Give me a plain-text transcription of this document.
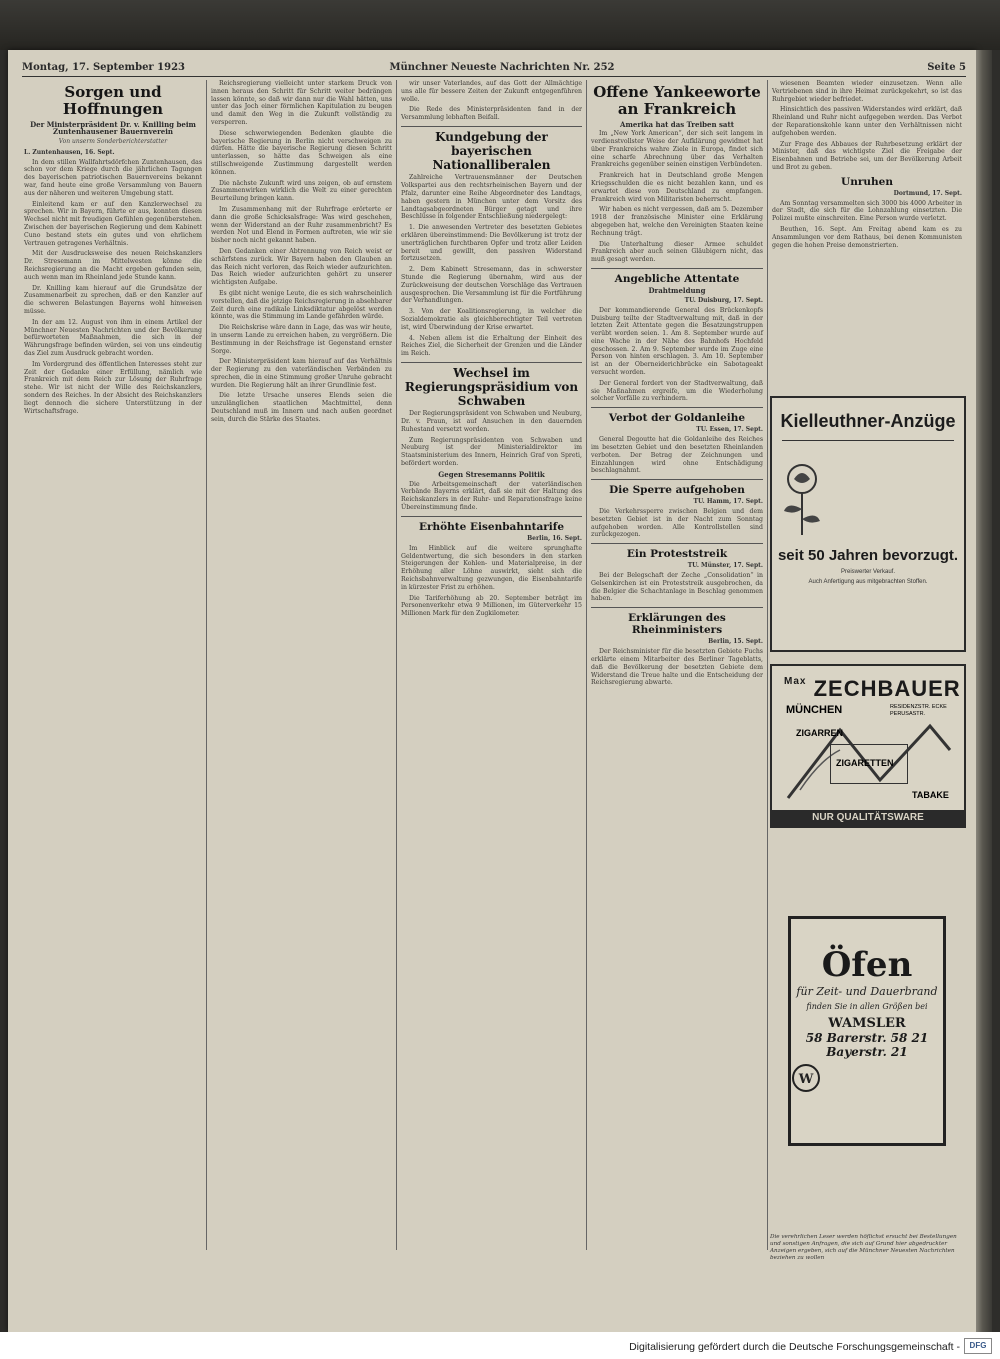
Montag, 17. September 1923	Münchner Neueste Nachrichten Nr. 252	Seite 5
Sorgen und Hoffnungen
Der Ministerpräsident Dr. v. Knilling beim Zuntenhausener Bauernverein
Von unserm Sonderberichterstatter
L. Zuntenhausen, 16. Sept.

In dem stillen Wallfahrtsdörfchen Zuntenhausen, das schon vor dem Kriege durch die jährlichen Tagungen des bayerischen patriotischen Bauernvereins bekannt war, fand heute eine große Versammlung von Bauern aus der näheren und weiteren Umgebung statt.

Einleitend kam er auf den Kanzlerwechsel zu sprechen. Wir in Bayern, führte er aus, konnten diesen Wechsel nicht mit freudigen Gefühlen gegenüberstehen. Zwischen der bayerischen Regierung und dem Kabinett Cuno bestand stets ein gutes und von ehrlichem Vertrauen getragenes Verhältnis.

Mit der Ausdrucksweise des neuen Reichskanzlers Dr. Stresemann im Mittelwesten könne die Reichsregierung an die Macht ergeben gefunden sein, auch wenn man im Rheinland jede Stunde kann.

Dr. Knilling kam hierauf auf die Grundsätze der Zusammenarbeit zu sprechen, daß er den Kanzler auf die schweren Belastungen Bayerns wohl hinweisen müsse.

In der am 12. August von ihm in einem Artikel der Münchner Neuesten Nachrichten und der Bevölkerung befürworteten Maßnahmen, die sich in der Währungsfrage befinden würden, sei von uns eindeutig das Ziel zum Ausdruck gebracht worden.

Im Vordergrund des öffentlichen Interesses steht zur Zeit der Gedanke einer Erfüllung, nämlich wie Frankreich mit dem Reich zur Lösung der Ruhrfrage stehe. Wir ist nicht der Wille des Reichskanzlers, sondern des Reiches. In der Absicht des Reichskanzlers liegt dennoch die sichere Unterstützung in der Wirtschaftsfrage.

Reichsregierung vielleicht unter starkem Druck von innen heraus den Schritt für Schritt weiter bedrängen lassen könnte, so daß wir dann nur die Wahl hätten, uns unter das Joch einer förmlichen Kapitulation zu beugen und damit den Weg in die Zukunft vollständig zu versperren.

Diese schwerwiegenden Bedenken glaubte die bayerische Regierung in Berlin nicht verschweigen zu dürfen. Hätte die bayerische Regierung diesen Schritt unterlassen, so hätte das Schweigen als eine stillschweigende Zustimmung dargestellt werden können.

Die nächste Zukunft wird uns zeigen, ob auf ernstem Zusammenwirken wirklich die Welt zu einer gerechten Beurteilung bringen kann.

Im Zusammenhang mit der Ruhrfrage erörterte er dann die große Schicksalsfrage: Was wird geschehen, wenn der Widerstand an der Ruhr zusammenbricht? Es werden Not und Elend in Formen auftreten, wie wir sie bisher noch nicht gekannt haben.

Den Gedanken einer Abtrennung von Reich weist er schärfstens zurück. Wir Bayern haben den Glauben an das Reich nicht verloren, das Reich wieder aufzurichten. Das Reich wieder aufzurichten gehört zu unserer wichtigsten Aufgabe.

Es gibt nicht wenige Leute, die es sich wahrscheinlich vorstellen, daß die jetzige Reichsregierung in absehbarer Zeit durch eine radikale Linksdiktatur abgelöst werden könnte, was die Stimmung im Lande gefährden würde.

Die Reichskrise wäre dann in Lage, das was wir heute, in unserm Lande zu erreichen haben, zu vergrößern. Die Bestimmung in der Reichsfrage ist Gegenstand ernster Sorge.

Der Ministerpräsident kam hierauf auf das Verhältnis der Regierung zu den vaterländischen Verbänden zu sprechen, die in eine Stimmung großer Unruhe gebracht wurden. Die Regierung hält an ihrer Grundlinie fest.

Die letzte Ursache unseres Elends seien die unzulänglichen staatlichen Machtmittel, denn Deutschland muß im Innern und nach außen geordnet sein, durch die Stärke des Staates.

wir unser Vaterlandes, auf das Gott der Allmächtige uns alle für bessere Zeiten der Zukunft entgegenführen wolle.

Die Rede des Ministerpräsidenten fand in der Versammlung lebhaften Beifall.

Kundgebung der bayerischen Nationalliberalen

Zahlreiche Vertrauensmänner der Deutschen Volkspartei aus den rechtsrheinischen Bayern und der Pfalz, darunter eine Reihe Abgeordneter des Landtags, haben gestern in München unter dem Vorsitz des Landtagsabgeordneten Bürger getagt und ihre Beschlüsse in folgender Entschließung niedergelegt:

1. Die anwesenden Vertreter des besetzten Gebietes erklären übereinstimmend: Die Bevölkerung ist trotz der unerträglichen furchtbaren Opfer und trotz aller Leiden bereit und gewillt, den passiven Widerstand fortzusetzen.

2. Dem Kabinett Stresemann, das in schwerster Stunde die Regierung übernahm, wird aus der Zurückweisung der deutschen Vorschläge das Vertrauen ausgesprochen. Die Versammlung ist für die Fortführung der Verhandlungen.

3. Von der Koalitionsregierung, in welcher die Sozialdemokratie als gleichberechtigter Teil vertreten ist, wird Überwindung der Krise erwartet.

4. Neben allem ist die Erhaltung der Einheit des Reiches Ziel, die Sicherheit der Grenzen und die Länder im Reich.

Wechsel im Regierungspräsidium von Schwaben

Der Regierungspräsident von Schwaben und Neuburg, Dr. v. Praun, ist auf Ansuchen in den dauernden Ruhestand versetzt worden.

Zum Regierungspräsidenten von Schwaben und Neuburg ist der Ministerialdirektor im Staatsministerium des Innern, Heinrich Graf von Spreti, befördert worden.

Gegen Stresemanns Politik

Die Arbeitsgemeinschaft der vaterländischen Verbände Bayerns erklärt, daß sie mit der Haltung des Reichskanzlers in der Ruhr- und Reparationsfrage keine Übereinstimmung finde.

Erhöhte Eisenbahntarife
Berlin, 16. Sept.

Im Hinblick auf die weitere sprunghafte Geldentwertung, die sich besonders in den starken Steigerungen der Kohlen- und Materialpreise, in der Erhöhung aller Löhne auswirkt, sieht sich die Reichsbahnverwaltung gezwungen, die Eisenbahntarife in kürzester Frist zu erhöhen.

Die Tariferhöhung ab 20. September beträgt im Personenverkehr etwa 9 Millionen, im Güterverkehr 15 Millionen Mark für den Zugkilometer.

Offene Yankeeworte an Frankreich
Amerika hat das Treiben satt

Im „New York American“, der sich seit langem in verdienstvollster Weise der Aufklärung gewidmet hat über Frankreichs wahre Ziele in Europa, findet sich eine scharfe Abrechnung über das Verhalten Frankreichs gegenüber seinen einstigen Verbündeten.

Frankreich hat in Deutschland große Mengen Kriegsschulden die es nicht bezahlen kann, und es erwartet diese von Deutschland zu empfangen. Frankreich wird von Militaristen beherrscht.

Wir haben es nicht vergessen, daß am 5. Dezember 1918 der französische Minister eine Erklärung abgegeben hat, welche den Vereinigten Staaten keine Rechnung trägt.

Die Unterhaltung dieser Armee schuldet Frankreich aber auch seinen Gläubigern nicht, das muß gesagt werden.

Angebliche Attentate
Drahtmeldung
TU. Duisburg, 17. Sept.

Der kommandierende General des Brückenkopfs Duisburg teilte der Stadtverwaltung mit, daß in der letzten Zeit Attentate gegen die Besatzungstruppen verübt worden seien. 1. Am 8. September wurde auf eine Wache in der Nähe des Bahnhofs Hochfeld geschossen. 2. Am 9. September wurde im Zuge eine Person von hinten erschlagen. 3. Am 10. September ist an der Oberneiderichbrücke ein Sabotageakt versucht worden.

Der General fordert von der Stadtverwaltung, daß sie Maßnahmen ergreife, um die Wiederholung solcher Vorfälle zu verhindern.

Verbot der Goldanleihe
TU. Essen, 17. Sept.

General Degoutte hat die Goldanleihe des Reiches im besetzten Gebiet und den besetzten Rheinlanden verboten. Der Betrag der Zeichnungen und Einzahlungen wird ohne Entschädigung beschlagnahmt.

Die Sperre aufgehoben
TU. Hamm, 17. Sept.

Die Verkehrssperre zwischen Belgien und dem besetzten Gebiet ist in der Nacht zum Sonntag aufgehoben worden. Alle Kontrollstellen sind zurückgezogen.

Ein Proteststreik
TU. Münster, 17. Sept.

Bei der Belegschaft der Zeche „Consolidation“ in Gelsenkirchen ist ein Proteststreik ausgebrochen, da die Belgier die Schachtanlage in Beschlag genommen haben.

Erklärungen des Rheinministers
Berlin, 15. Sept.

Der Reichsminister für die besetzten Gebiete Fuchs erklärte einem Mitarbeiter des Berliner Tageblatts, daß die Bevölkerung der besetzten Gebiete dem Widerstand die Treue halte und die Entscheidung der Reichsregierung abwarte.

wiesenen Beamten wieder einzusetzen. Wenn alle Vertriebenen sind in ihre Heimat zurückgekehrt, so ist das Ruhrgebiet wieder befriedet.

Hinsichtlich des passiven Widerstandes wird erklärt, daß Rheinland und Ruhr nicht aufgegeben werden. Das Verbot der Reparationskohle kann unter den Verhältnissen nicht aufgehoben werden.

Zur Frage des Abbaues der Ruhrbesetzung erklärt der Minister, daß das wichtigste Ziel die Freigabe der Eisenbahnen und Betriebe sei, um der Bevölkerung Arbeit und Brot zu geben.

Unruhen
Dortmund, 17. Sept.

Am Sonntag versammelten sich 3000 bis 4000 Arbeiter in der Stadt, die sich für die Lohnzahlung einsetzten. Die Polizei mußte einschreiten. Eine Person wurde verletzt.

Beuthen, 16. Sept. Am Freitag abend kam es zu Ansammlungen vor dem Rathaus, bei denen Kommunisten gegen die hohen Preise demonstrierten.

Kielleuthner-Anzüge
seit 50 Jahren bevorzugt.
Preiswerter Verkauf.
Auch Anfertigung aus mitgebrachten Stoffen.
$^{Max}$ ZECHBAUER
MÜNCHEN	RESIDENZSTR. ECKE PERUSASTR.
ZIGARREN
ZIGARETTEN
TABAKE
NUR QUALITÄTSWARE
Öfen
für Zeit- und Dauerbrand
finden Sie in allen Größen bei
WAMSLER
58 Barerstr. 58 21 Bayerstr. 21
W
Die verehrlichen Leser werden höflichst ersucht bei Bestellungen und sonstigen Anfragen, die sich auf Grund hier abgedruckter Anzeigen ergeben, sich auf die Münchner Neuesten Nachrichten beziehen zu wollen
Digitalisierung gefördert durch die Deutsche Forschungsgemeinschaft -	DFG
